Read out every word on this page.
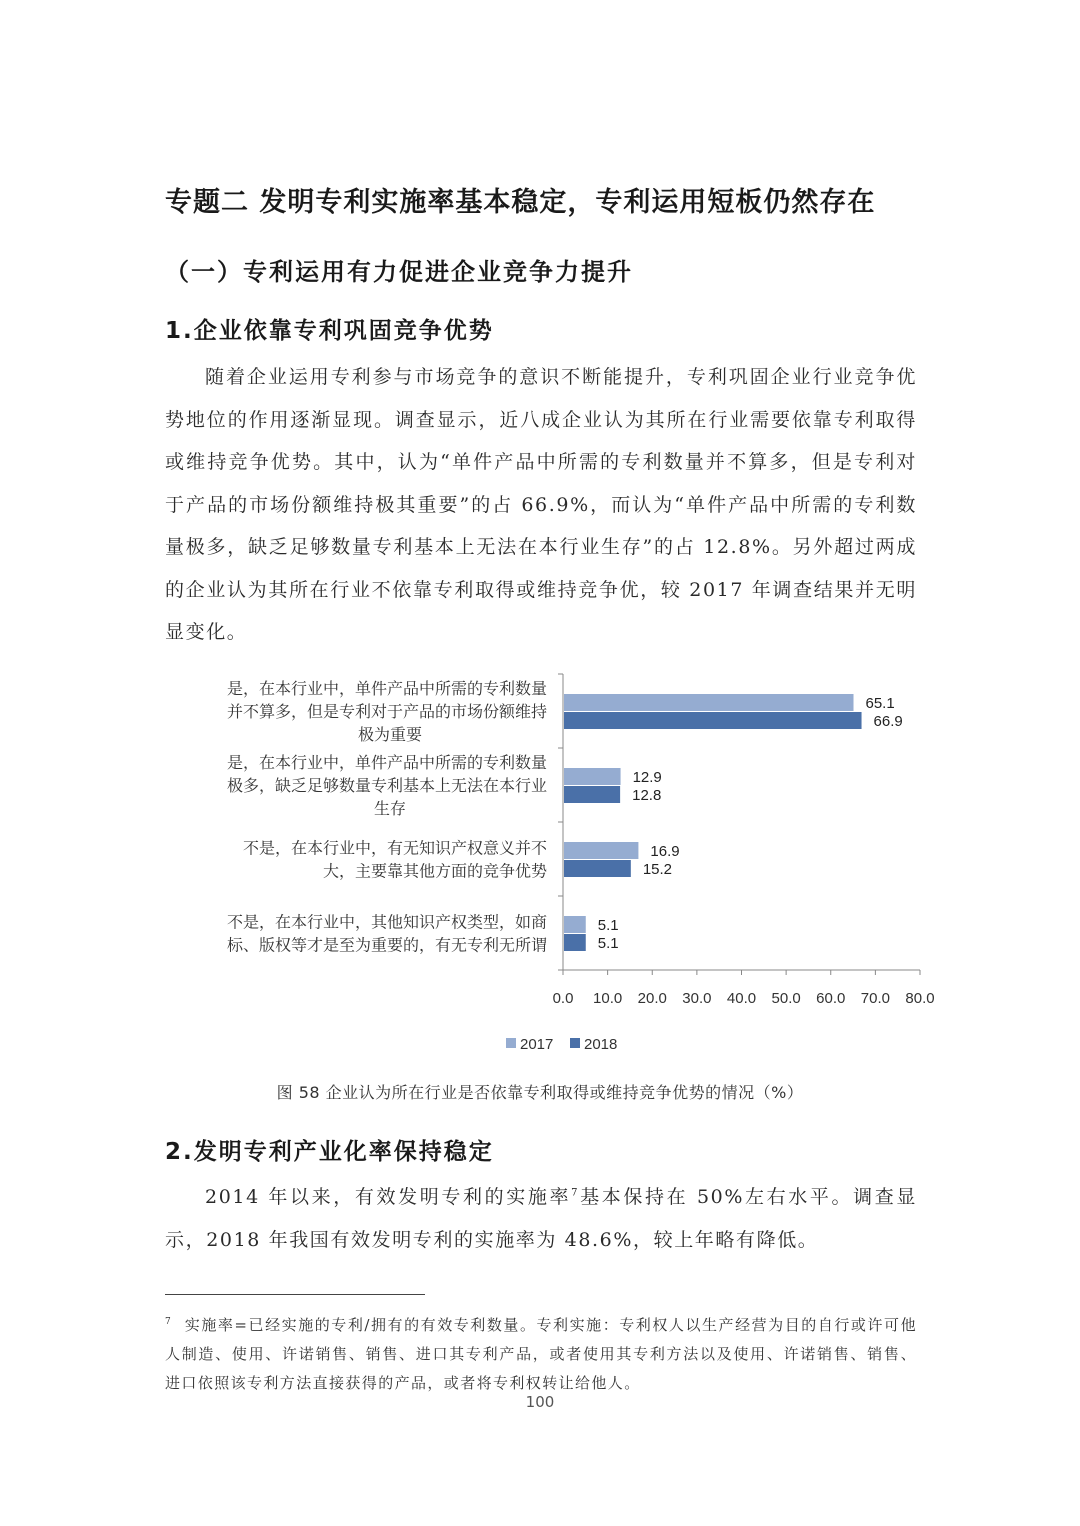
专题二 发明专利实施率基本稳定，专利运用短板仍然存在
（一）专利运用有力促进企业竞争力提升
1.企业依靠专利巩固竞争优势
随着企业运用专利参与市场竞争的意识不断能提升，专利巩固企业行业竞争优势地位的作用逐渐显现。调查显示，近八成企业认为其所在行业需要依靠专利取得或维持竞争优势。其中，认为“单件产品中所需的专利数量并不算多，但是专利对于产品的市场份额维持极其重要”的占 66.9%，而认为“单件产品中所需的专利数量极多，缺乏足够数量专利基本上无法在本行业生存”的占 12.8%。另外超过两成的企业认为其所在行业不依靠专利取得或维持竞争优，较 2017 年调查结果并无明显变化。
0.0 10.0 20.0 30.0 40.0 50.0 60.0 70.0 80.0
是，在本行业中，单件产品中所需的专利数量
并不算多，但是专利对于产品的市场份额维持
极为重要
65.1
66.9
是，在本行业中，单件产品中所需的专利数量
极多，缺乏足够数量专利基本上无法在本行业
生存
12.9
12.8
不是，在本行业中，有无知识产权意义并不
大，主要靠其他方面的竞争优势
16.9
15.2
不是，在本行业中，其他知识产权类型，如商
标、版权等才是至为重要的，有无专利无所谓
5.1
5.1
2017 2018
图 58 企业认为所在行业是否依靠专利取得或维持竞争优势的情况（%）
2.发明专利产业化率保持稳定
2014 年以来，有效发明专利的实施率$^7$基本保持在 50%左右水平。调查显示，2018 年我国有效发明专利的实施率为 48.6%，较上年略有降低。
$^7$ 实施率=已经实施的专利/拥有的有效专利数量。专利实施：专利权人以生产经营为目的自行或许可他人制造、使用、许诺销售、销售、进口其专利产品，或者使用其专利方法以及使用、许诺销售、销售、进口依照该专利方法直接获得的产品，或者将专利权转让给他人。
100
